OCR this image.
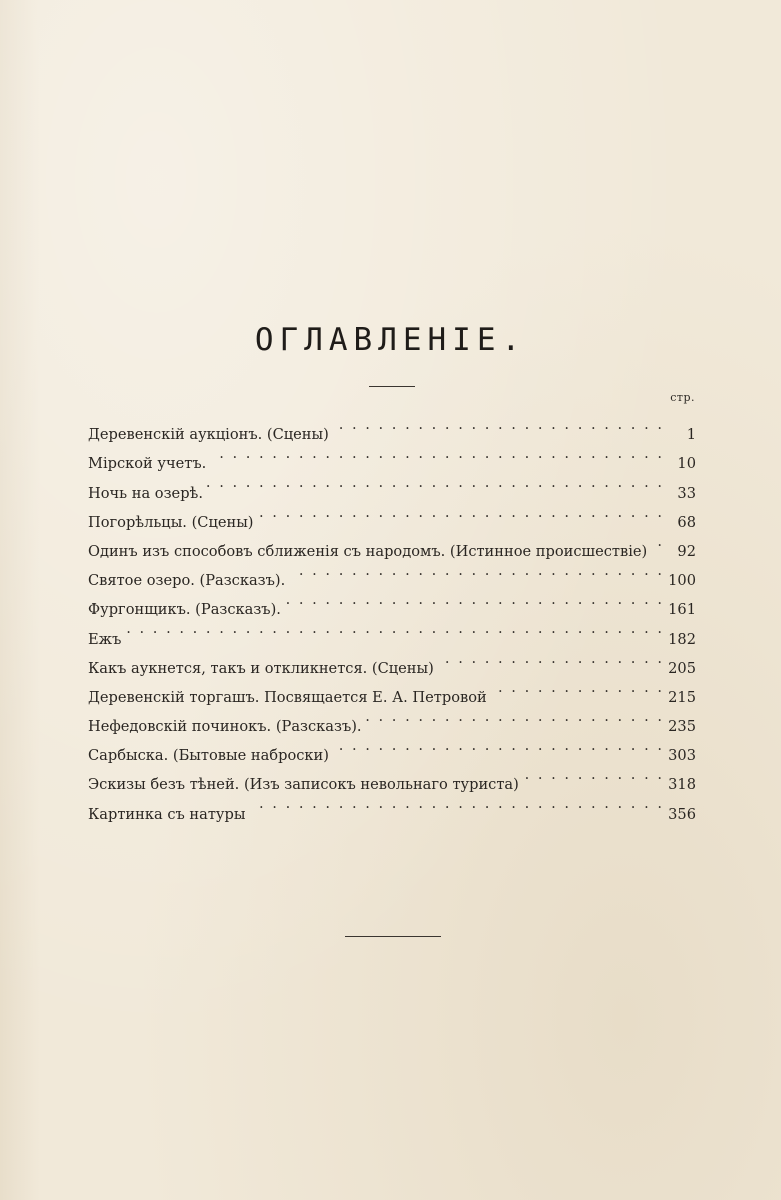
ОГЛАВЛЕНІЕ.
стр.
Деревенскій аукціонъ. (Сцены) . . .	1
Мірской учетъ. . . .	10
Ночь на озерѣ. . . .	33
Погорѣльцы. (Сцены) . . .	68
Одинъ изъ способовъ сближенія съ народомъ. (Истинное происшествіе) . . .	92
Святое озеро. (Разсказъ). . . .	100
Фургонщикъ. (Разсказъ). . . .	161
Ежъ . . .	182
Какъ аукнется, такъ и откликнется. (Сцены) . . .	205
Деревенскій торгашъ. Посвящается Е. А. Петровой . . .	215
Нефедовскій починокъ. (Разсказъ). . . .	235
Сарбыска. (Бытовые наброски) . . .	303
Эскизы безъ тѣней. (Изъ записокъ невольнаго туриста) . . .	318
Картинка съ натуры . . .	356
